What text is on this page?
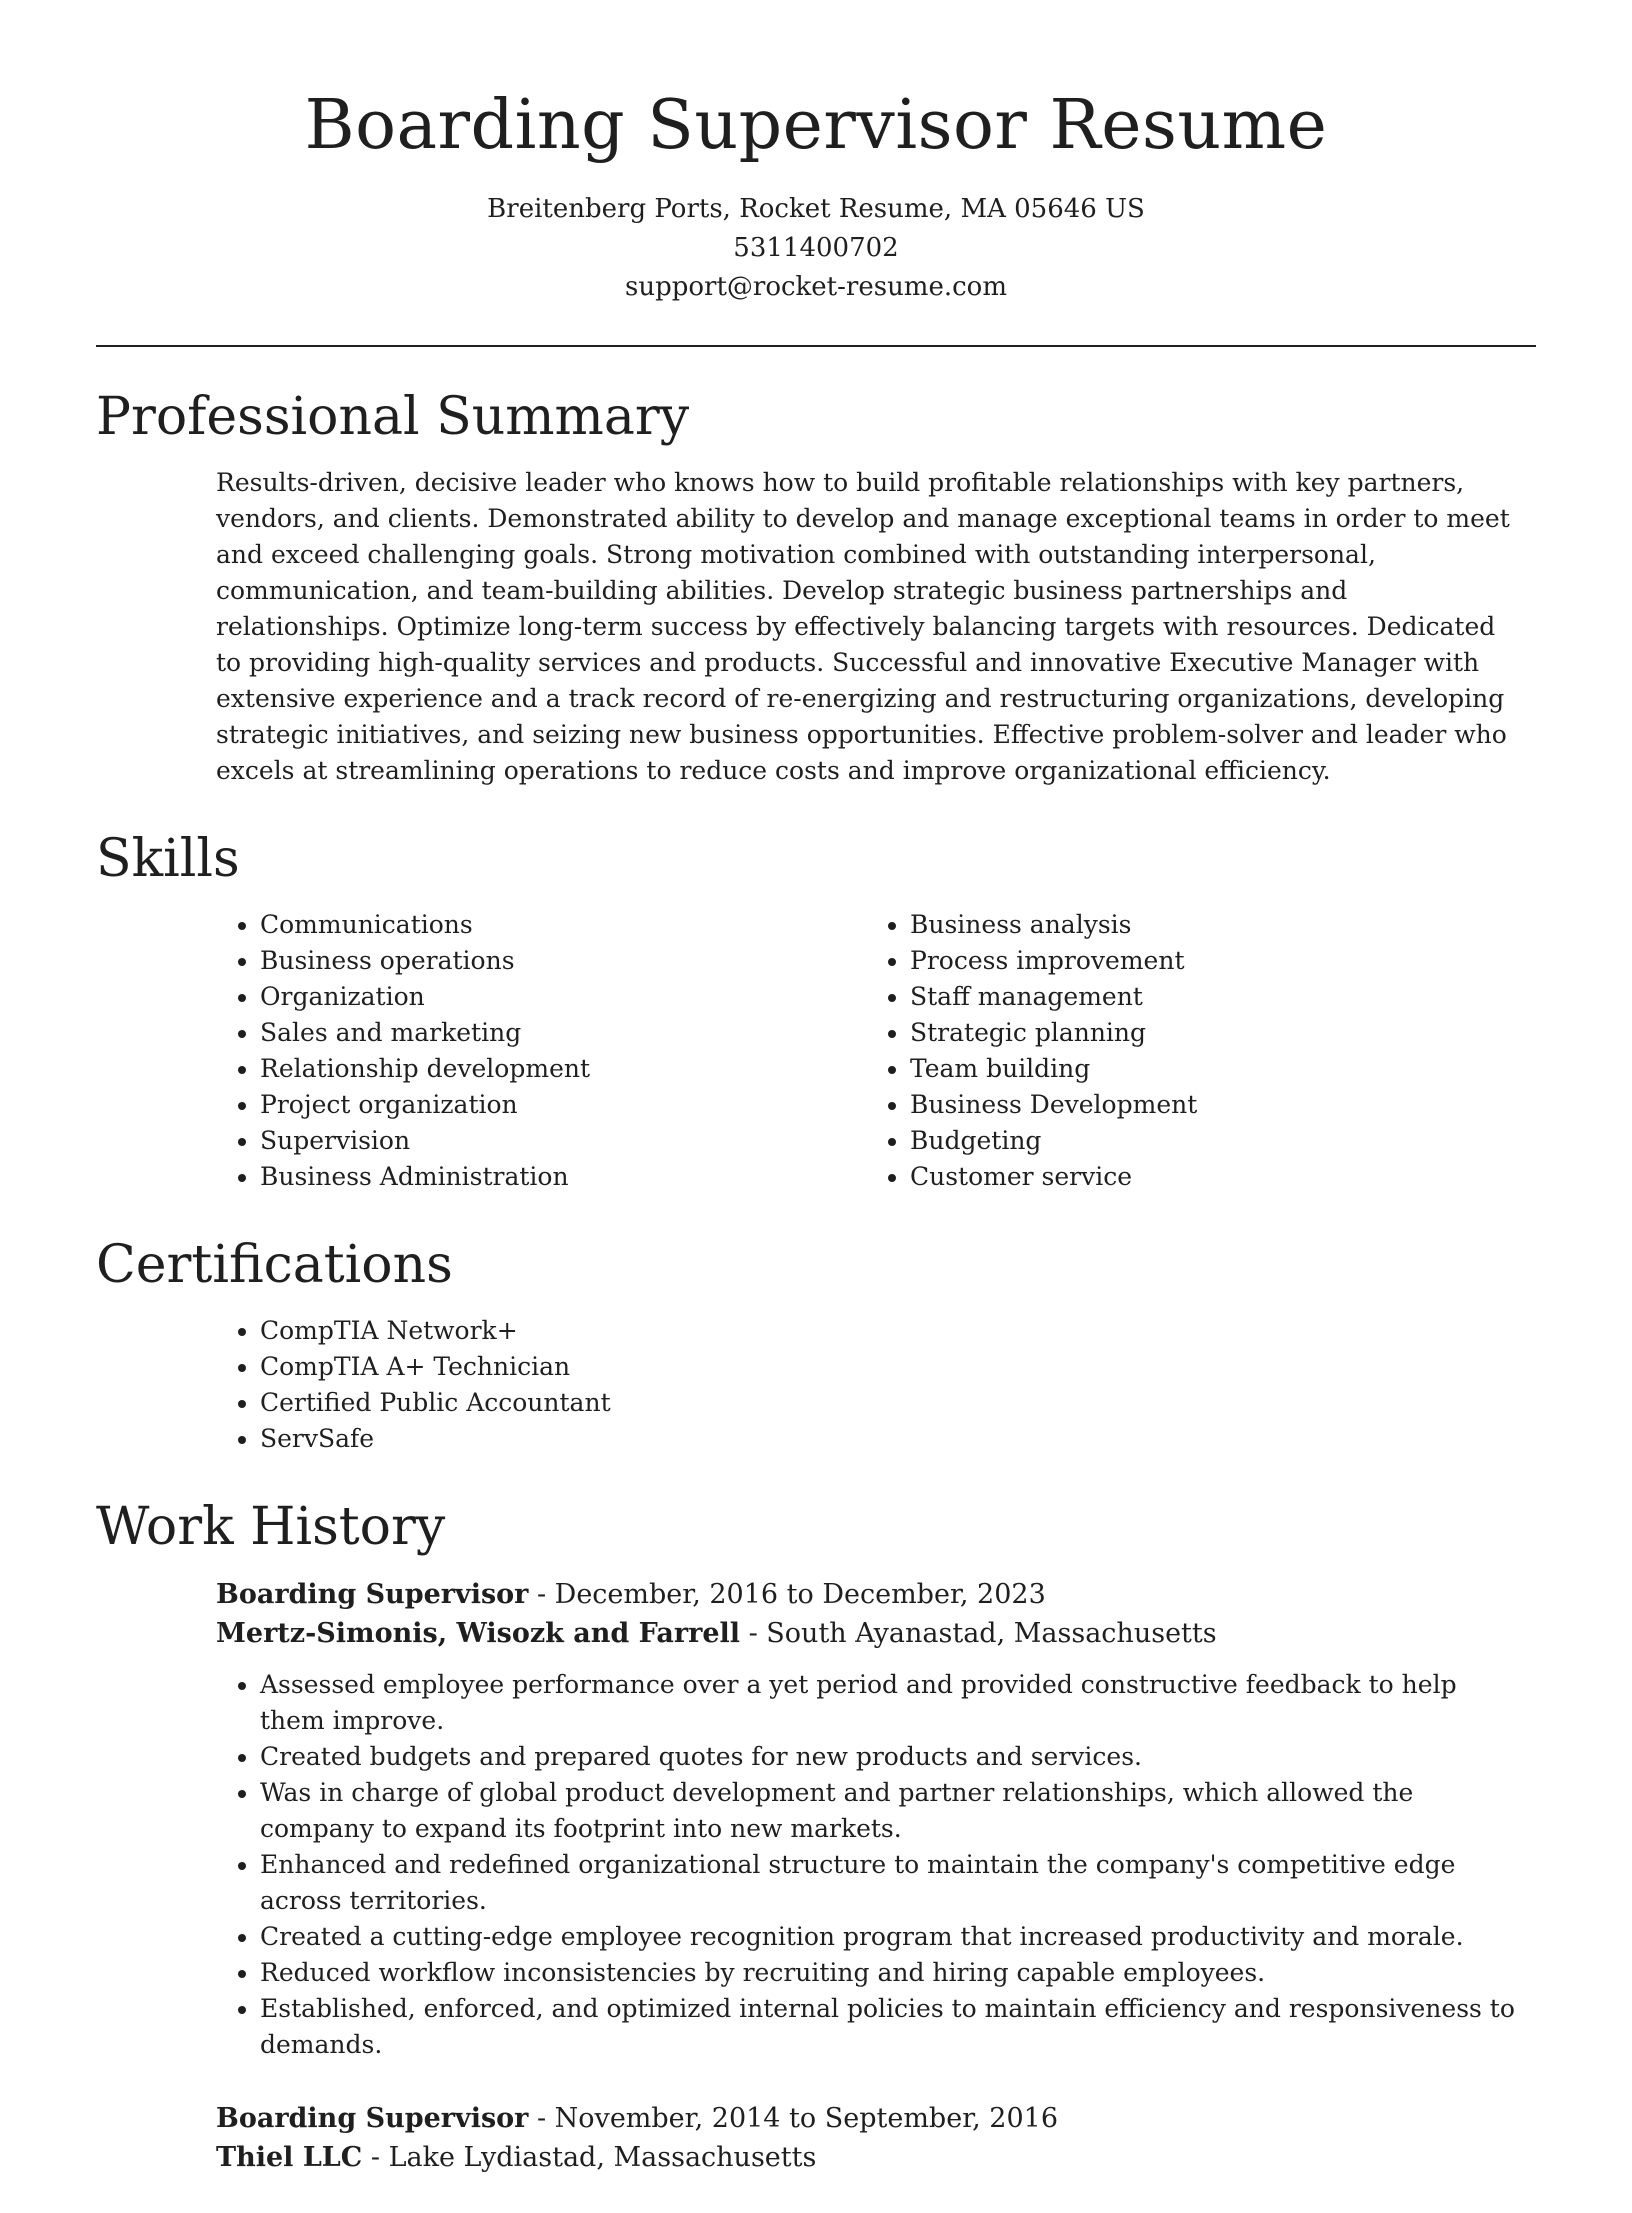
Boarding Supervisor Resume
Breitenberg Ports, Rocket Resume, MA 05646 US
5311400702
support@rocket-resume.com
Professional Summary

Results-driven, decisive leader who knows how to build profitable relationships with key partners, vendors, and clients. Demonstrated ability to develop and manage exceptional teams in order to meet and exceed challenging goals. Strong motivation combined with outstanding interpersonal, communication, and team-building abilities. Develop strategic business partnerships and relationships. Optimize long-term success by effectively balancing targets with resources. Dedicated to providing high-quality services and products. Successful and innovative Executive Manager with extensive experience and a track record of re-energizing and restructuring organizations, developing strategic initiatives, and seizing new business opportunities. Effective problem-solver and leader who excels at streamlining operations to reduce costs and improve organizational efficiency.

Skills
• Communications
• Business operations
• Organization
• Sales and marketing
• Relationship development
• Project organization
• Supervision
• Business Administration
• Business analysis
• Process improvement
• Staff management
• Strategic planning
• Team building
• Business Development
• Budgeting
• Customer service
Certifications
• CompTIA Network+
• CompTIA A+ Technician
• Certified Public Accountant
• ServSafe
Work History
Boarding Supervisor - December, 2016 to December, 2023
Mertz-Simonis, Wisozk and Farrell - South Ayanastad, Massachusetts
• Assessed employee performance over a yet period and provided constructive feedback to help them improve.
• Created budgets and prepared quotes for new products and services.
• Was in charge of global product development and partner relationships, which allowed the company to expand its footprint into new markets.
• Enhanced and redefined organizational structure to maintain the company's competitive edge across territories.
• Created a cutting-edge employee recognition program that increased productivity and morale.
• Reduced workflow inconsistencies by recruiting and hiring capable employees.
• Established, enforced, and optimized internal policies to maintain efficiency and responsiveness to demands.
Boarding Supervisor - November, 2014 to September, 2016
Thiel LLC - Lake Lydiastad, Massachusetts
